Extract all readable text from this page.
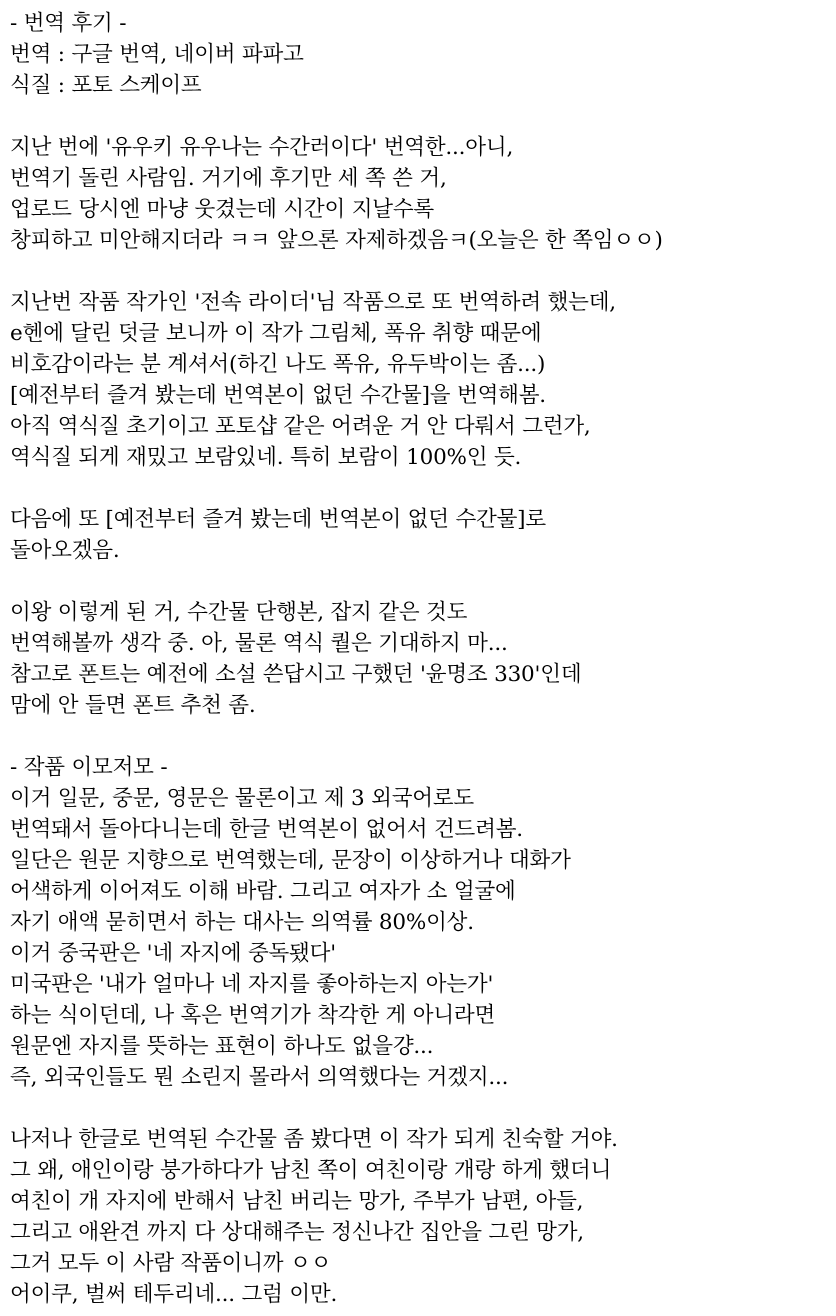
- 번역 후기 -
번역 : 구글 번역, 네이버 파파고
식질 : 포토 스케이프
지난 번에 '유우키 유우나는 수간러이다' 번역한...아니,
번역기 돌린 사람임. 거기에 후기만 세 쪽 쓴 거,
업로드 당시엔 마냥 웃겼는데 시간이 지날수록
창피하고 미안해지더라 ㅋㅋ 앞으론 자제하겠음ㅋ(오늘은 한 쪽임ㅇㅇ)
지난번 작품 작가인 '전속 라이더'님 작품으로 또 번역하려 했는데,
e헨에 달린 덧글 보니까 이 작가 그림체, 폭유 취향 때문에
비호감이라는 분 계셔서(하긴 나도 폭유, 유두박이는 좀...)
[예전부터 즐겨 봤는데 번역본이 없던 수간물]을 번역해봄.
아직 역식질 초기이고 포토샵 같은 어려운 거 안 다뤄서 그런가,
역식질 되게 재밌고 보람있네. 특히 보람이 100%인 듯.
다음에 또 [예전부터 즐겨 봤는데 번역본이 없던 수간물]로
돌아오겠음.
이왕 이렇게 된 거, 수간물 단행본, 잡지 같은 것도
번역해볼까 생각 중. 아, 물론 역식 퀄은 기대하지 마...
참고로 폰트는 예전에 소설 쓴답시고 구했던 '윤명조 330'인데
맘에 안 들면 폰트 추천 좀.
- 작품 이모저모 -
이거 일문, 중문, 영문은 물론이고 제 3 외국어로도
번역돼서 돌아다니는데 한글 번역본이 없어서 건드려봄.
일단은 원문 지향으로 번역했는데, 문장이 이상하거나 대화가
어색하게 이어져도 이해 바람. 그리고 여자가 소 얼굴에
자기 애액 묻히면서 하는 대사는 의역률 80%이상.
이거 중국판은 '네 자지에 중독됐다'
미국판은 '내가 얼마나 네 자지를 좋아하는지 아는가'
하는 식이던데, 나 혹은 번역기가 착각한 게 아니라면
원문엔 자지를 뜻하는 표현이 하나도 없을걍...
즉, 외국인들도 뭔 소린지 몰라서 의역했다는 거겠지...
나저나 한글로 번역된 수간물 좀 봤다면 이 작가 되게 친숙할 거야.
그 왜, 애인이랑 붕가하다가 남친 쪽이 여친이랑 개랑 하게 했더니
여친이 개 자지에 반해서 남친 버리는 망가, 주부가 남편, 아들,
그리고 애완견 까지 다 상대해주는 정신나간 집안을 그린 망가,
그거 모두 이 사람 작품이니까 ㅇㅇ
어이쿠, 벌써 테두리네... 그럼 이만.
